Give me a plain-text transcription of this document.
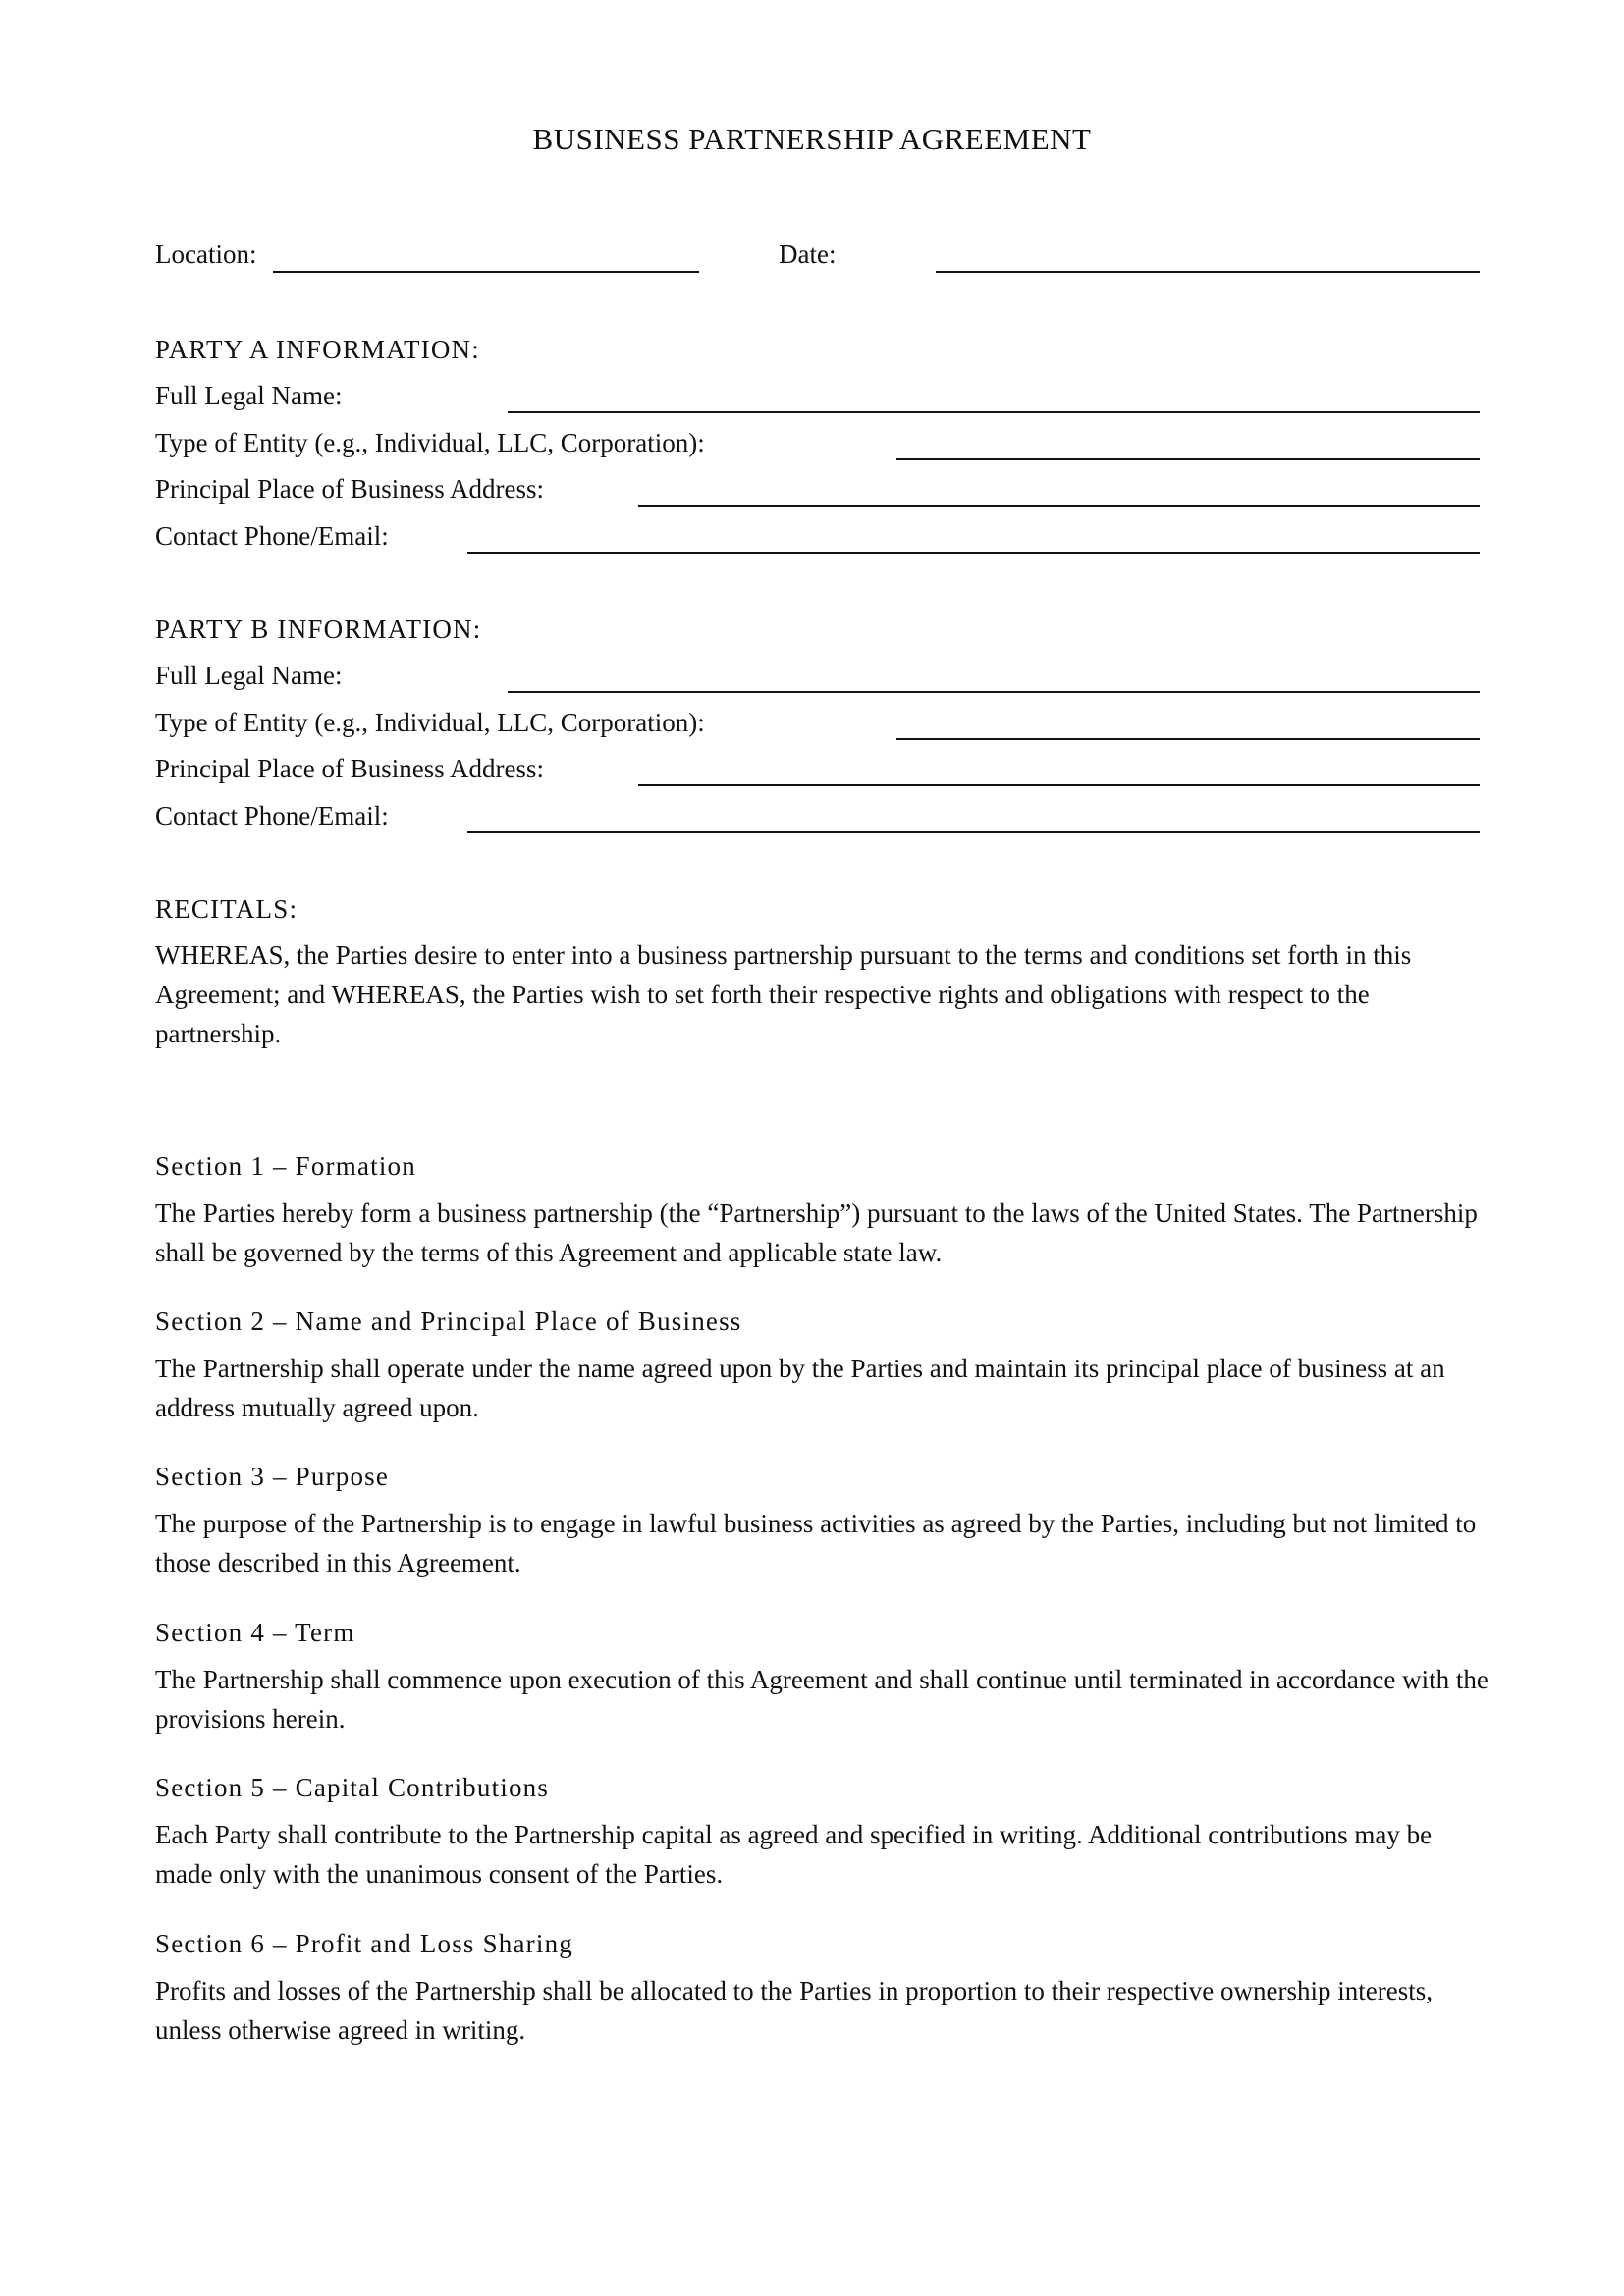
BUSINESS PARTNERSHIP AGREEMENT
Location:	Date:
PARTY A INFORMATION:
Full Legal Name:
Type of Entity (e.g., Individual, LLC, Corporation):
Principal Place of Business Address:
Contact Phone/Email:
PARTY B INFORMATION:
Full Legal Name:
Type of Entity (e.g., Individual, LLC, Corporation):
Principal Place of Business Address:
Contact Phone/Email:
RECITALS:
WHEREAS, the Parties desire to enter into a business partnership pursuant to the terms and conditions set forth in this Agreement; and WHEREAS, the Parties wish to set forth their respective rights and obligations with respect to the partnership.
Section 1 – Formation
The Parties hereby form a business partnership (the “Partnership”) pursuant to the laws of the United States. The Partnership shall be governed by the terms of this Agreement and applicable state law.
Section 2 – Name and Principal Place of Business
The Partnership shall operate under the name agreed upon by the Parties and maintain its principal place of business at an address mutually agreed upon.
Section 3 – Purpose
The purpose of the Partnership is to engage in lawful business activities as agreed by the Parties, including but not limited to those described in this Agreement.
Section 4 – Term
The Partnership shall commence upon execution of this Agreement and shall continue until terminated in accordance with the provisions herein.
Section 5 – Capital Contributions
Each Party shall contribute to the Partnership capital as agreed and specified in writing. Additional contributions may be made only with the unanimous consent of the Parties.
Section 6 – Profit and Loss Sharing
Profits and losses of the Partnership shall be allocated to the Parties in proportion to their respective ownership interests, unless otherwise agreed in writing.
